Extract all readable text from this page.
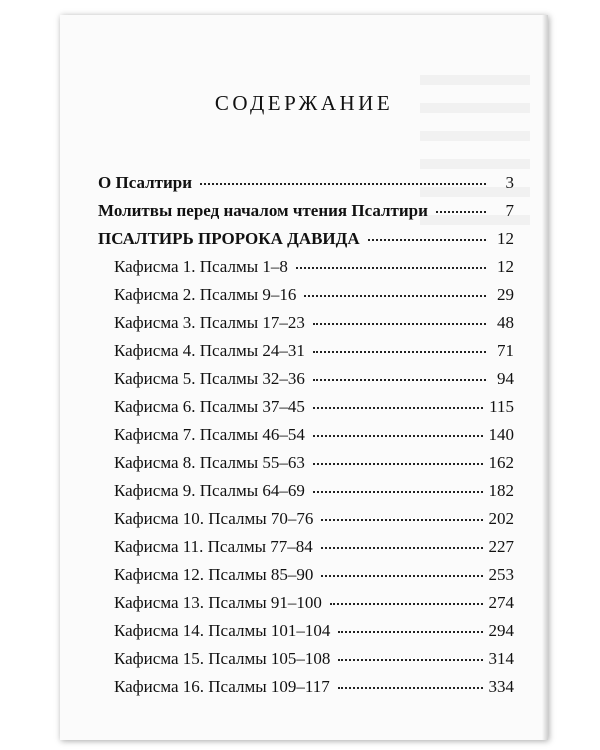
СОДЕРЖАНИЕ
О Псалтири	3
Молитвы перед началом чтения Псалтири	7
ПСАЛТИРЬ ПРОРОКА ДАВИДА	12
Кафисма 1. Псалмы 1–8	12
Кафисма 2. Псалмы 9–16	29
Кафисма 3. Псалмы 17–23	48
Кафисма 4. Псалмы 24–31	71
Кафисма 5. Псалмы 32–36	94
Кафисма 6. Псалмы 37–45	115
Кафисма 7. Псалмы 46–54	140
Кафисма 8. Псалмы 55–63	162
Кафисма 9. Псалмы 64–69	182
Кафисма 10. Псалмы 70–76	202
Кафисма 11. Псалмы 77–84	227
Кафисма 12. Псалмы 85–90	253
Кафисма 13. Псалмы 91–100	274
Кафисма 14. Псалмы 101–104	294
Кафисма 15. Псалмы 105–108	314
Кафисма 16. Псалмы 109–117	334
